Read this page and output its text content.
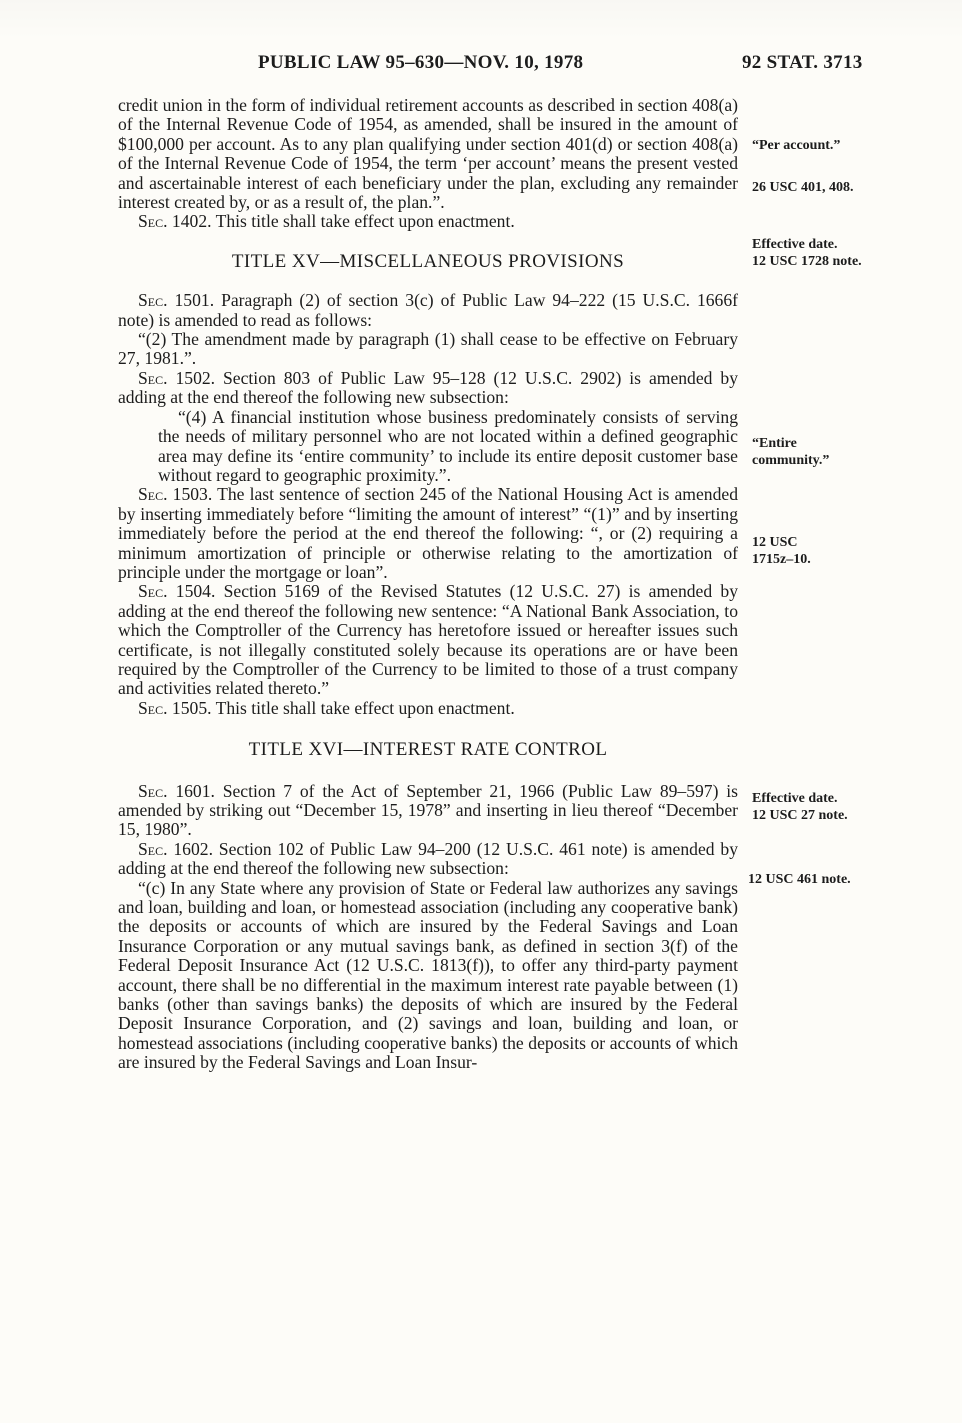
PUBLIC LAW 95–630—NOV. 10, 1978	92 STAT. 3713

credit union in the form of individual retirement accounts as described in section 408(a) of the Internal Revenue Code of 1954, as amended, shall be insured in the amount of $100,000 per account. As to any plan qualifying under section 401(d) or section 408(a) of the Internal Revenue Code of 1954, the term ‘per account’ means the present vested and ascertainable interest of each beneficiary under the plan, excluding any remainder interest created by, or as a result of, the plan.”.

Sec. 1402. This title shall take effect upon enactment.

TITLE XV—MISCELLANEOUS PROVISIONS

Sec. 1501. Paragraph (2) of section 3(c) of Public Law 94–222 (15 U.S.C. 1666f note) is amended to read as follows:

“(2) The amendment made by paragraph (1) shall cease to be effective on February 27, 1981.”.

Sec. 1502. Section 803 of Public Law 95–128 (12 U.S.C. 2902) is amended by adding at the end thereof the following new subsection:

“(4) A financial institution whose business predominately consists of serving the needs of military personnel who are not located within a defined geographic area may define its ‘entire community’ to include its entire deposit customer base without regard to geographic proximity.”.

Sec. 1503. The last sentence of section 245 of the National Housing Act is amended by inserting immediately before “limiting the amount of interest” “(1)” and by inserting immediately before the period at the end thereof the following: “, or (2) requiring a minimum amortization of principle or otherwise relating to the amortization of principle under the mortgage or loan”.

Sec. 1504. Section 5169 of the Revised Statutes (12 U.S.C. 27) is amended by adding at the end thereof the following new sentence: “A National Bank Association, to which the Comptroller of the Currency has heretofore issued or hereafter issues such certificate, is not illegally constituted solely because its operations are or have been required by the Comptroller of the Currency to be limited to those of a trust company and activities related thereto.”

Sec. 1505. This title shall take effect upon enactment.

TITLE XVI—INTEREST RATE CONTROL

Sec. 1601. Section 7 of the Act of September 21, 1966 (Public Law 89–597) is amended by striking out “December 15, 1978” and inserting in lieu thereof “December 15, 1980”.

Sec. 1602. Section 102 of Public Law 94–200 (12 U.S.C. 461 note) is amended by adding at the end thereof the following new subsection:

“(c) In any State where any provision of State or Federal law authorizes any savings and loan, building and loan, or homestead association (including any cooperative bank) the deposits or accounts of which are insured by the Federal Savings and Loan Insurance Corporation or any mutual savings bank, as defined in section 3(f) of the Federal Deposit Insurance Act (12 U.S.C. 1813(f)), to offer any third-party payment account, there shall be no differential in the maximum interest rate payable between (1) banks (other than savings banks) the deposits of which are insured by the Federal Deposit Insurance Corporation, and (2) savings and loan, building and loan, or homestead associations (including cooperative banks) the deposits or accounts of which are insured by the Federal Savings and Loan Insur-

“Per account.”
26 USC 401, 408.
Effective date.
12 USC 1728 note.
“Entire community.”
12 USC 1715z–10.
Effective date.
12 USC 27 note.
12 USC 461 note.
